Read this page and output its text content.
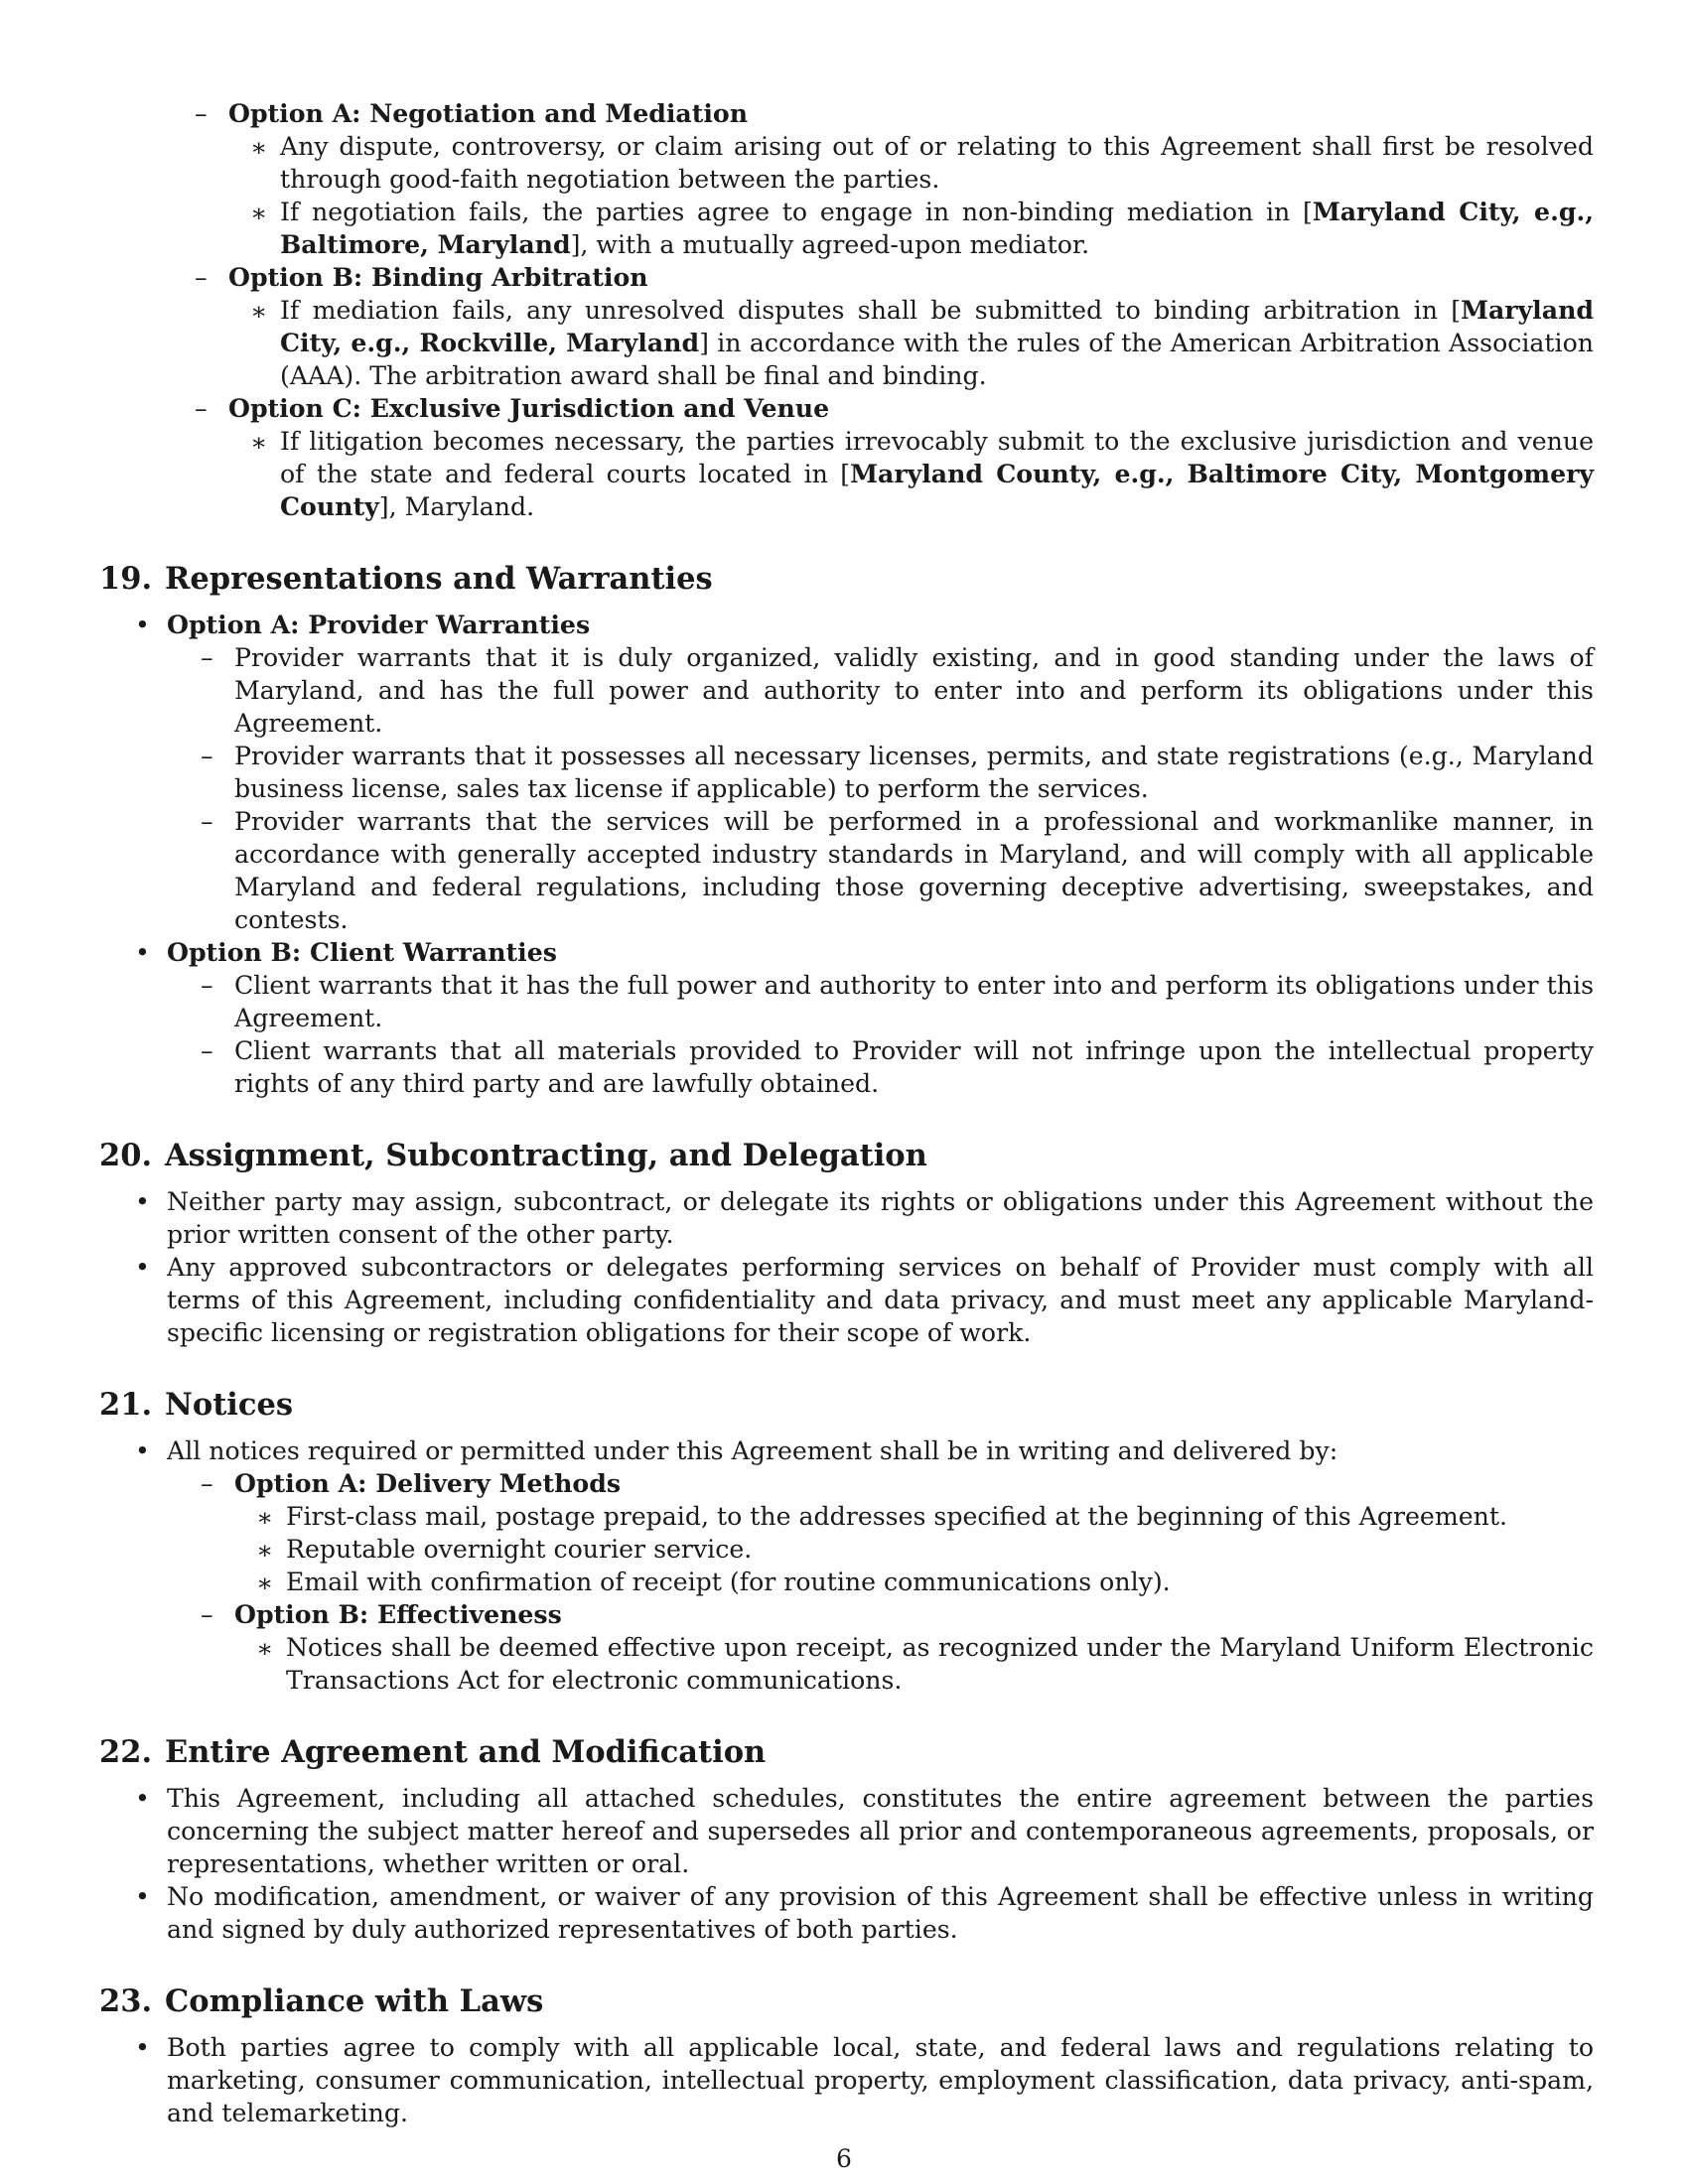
– Option A: Negotiation and Mediation
∗ Any dispute, controversy, or claim arising out of or relating to this Agreement shall first be resolved through good-faith negotiation between the parties.
∗ If negotiation fails, the parties agree to engage in non-binding mediation in [Maryland City, e.g., Baltimore, Maryland], with a mutually agreed-upon mediator.
– Option B: Binding Arbitration
∗ If mediation fails, any unresolved disputes shall be submitted to binding arbitration in [Maryland City, e.g., Rockville, Maryland] in accordance with the rules of the American Arbitration Association (AAA). The arbitration award shall be final and binding.
– Option C: Exclusive Jurisdiction and Venue
∗ If litigation becomes necessary, the parties irrevocably submit to the exclusive jurisdiction and venue of the state and federal courts located in [Maryland County, e.g., Baltimore City, Montgomery County], Maryland.
19. Representations and Warranties
• Option A: Provider Warranties
– Provider warrants that it is duly organized, validly existing, and in good standing under the laws of Maryland, and has the full power and authority to enter into and perform its obligations under this Agreement.
– Provider warrants that it possesses all necessary licenses, permits, and state registrations (e.g., Maryland business license, sales tax license if applicable) to perform the services.
– Provider warrants that the services will be performed in a professional and workmanlike manner, in accordance with generally accepted industry standards in Maryland, and will comply with all applicable Maryland and federal regulations, including those governing deceptive advertising, sweepstakes, and contests.
• Option B: Client Warranties
– Client warrants that it has the full power and authority to enter into and perform its obligations under this Agreement.
– Client warrants that all materials provided to Provider will not infringe upon the intellectual property rights of any third party and are lawfully obtained.
20. Assignment, Subcontracting, and Delegation
• Neither party may assign, subcontract, or delegate its rights or obligations under this Agreement without the prior written consent of the other party.
• Any approved subcontractors or delegates performing services on behalf of Provider must comply with all terms of this Agreement, including confidentiality and data privacy, and must meet any applicable Maryland-specific licensing or registration obligations for their scope of work.
21. Notices
• All notices required or permitted under this Agreement shall be in writing and delivered by:
– Option A: Delivery Methods
∗ First-class mail, postage prepaid, to the addresses specified at the beginning of this Agreement.
∗ Reputable overnight courier service.
∗ Email with confirmation of receipt (for routine communications only).
– Option B: Effectiveness
∗ Notices shall be deemed effective upon receipt, as recognized under the Maryland Uniform Electronic Transactions Act for electronic communications.
22. Entire Agreement and Modification
• This Agreement, including all attached schedules, constitutes the entire agreement between the parties concerning the subject matter hereof and supersedes all prior and contemporaneous agreements, proposals, or representations, whether written or oral.
• No modification, amendment, or waiver of any provision of this Agreement shall be effective unless in writing and signed by duly authorized representatives of both parties.
23. Compliance with Laws
• Both parties agree to comply with all applicable local, state, and federal laws and regulations relating to marketing, consumer communication, intellectual property, employment classification, data privacy, anti-spam, and telemarketing.
6
